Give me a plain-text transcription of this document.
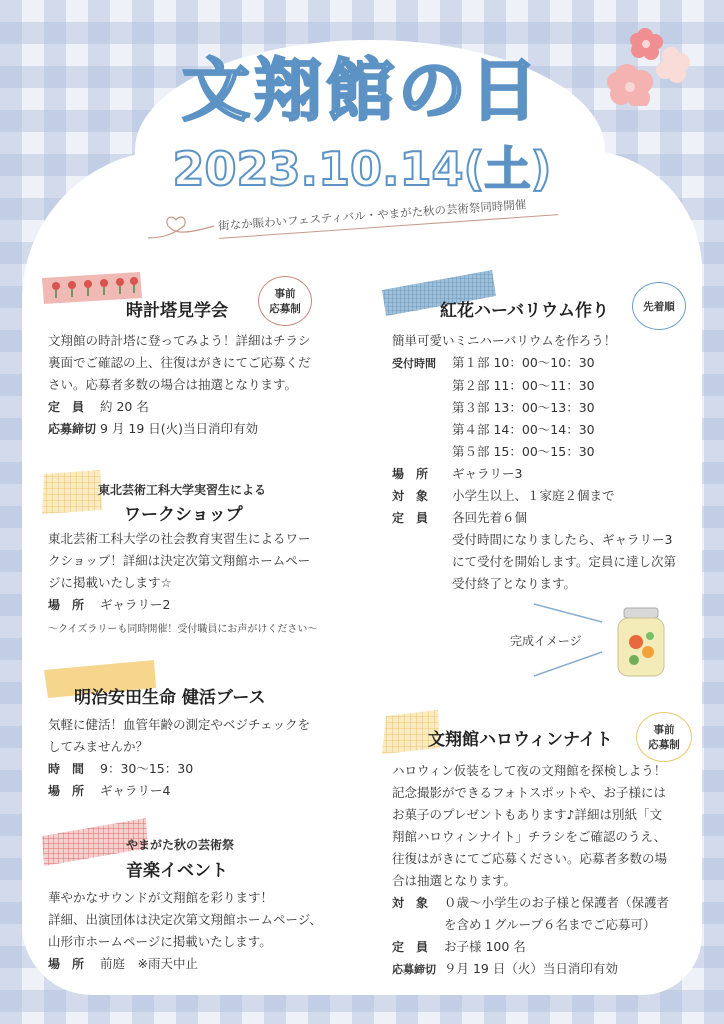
文翔館の日
2023.10.14(土)
街なか賑わいフェスティバル・やまがた秋の芸術祭同時開催
時計塔見学会
事前
応募制
文翔館の時計塔に登ってみよう！詳細はチラシ
裏面でご確認の上、往復はがきにてご応募くだ
さい。応募者多数の場合は抽選となります。
定　員 約 20 名
応募締切 9 月 19 日(火)当日消印有効
東北芸術工科大学実習生による
ワークショップ
東北芸術工科大学の社会教育実習生によるワー
クショップ！詳細は決定次第文翔館ホームペー
ジに掲載いたします☆
場　所 ギャラリー2
〜クイズラリーも同時開催！受付職員にお声がけください〜
明治安田生命 健活ブース
気軽に健活！血管年齢の測定やベジチェックを
してみませんか？
時　間 9：30〜15：30
場　所 ギャラリー4
やまがた秋の芸術祭
音楽イベント
華やかなサウンドが文翔館を彩ります！
詳細、出演団体は決定次第文翔館ホームページ、
山形市ホームページに掲載いたします。
場　所 前庭　※雨天中止
紅花ハーバリウム作り	先着順
簡単可愛いミニハーバリウムを作ろう！
受付時間 第１部 10：00〜10：30
第２部 11：00〜11：30
第３部 13：00〜13：30
第４部 14：00〜14：30
第５部 15：00〜15：30
場　所 ギャラリー3
対　象 小学生以上、１家庭２個まで
定　員 各回先着６個
受付時間になりましたら、ギャラリー3
にて受付を開始します。定員に達し次第
受付終了となります。
完成イメージ
文翔館ハロウィンナイト	事前
応募制
ハロウィン仮装をして夜の文翔館を探検しよう！
記念撮影ができるフォトスポットや、お子様には
お菓子のプレゼントもあります♪詳細は別紙「文
翔館ハロウィンナイト」チラシをご確認のうえ、
往復はがきにてご応募ください。応募者多数の場
合は抽選となります。
対　象 ０歳〜小学生のお子様と保護者（保護者
を含め１グループ６名までご応募可）
定　員 お子様 100 名
応募締切 ９月 19 日（火）当日消印有効
